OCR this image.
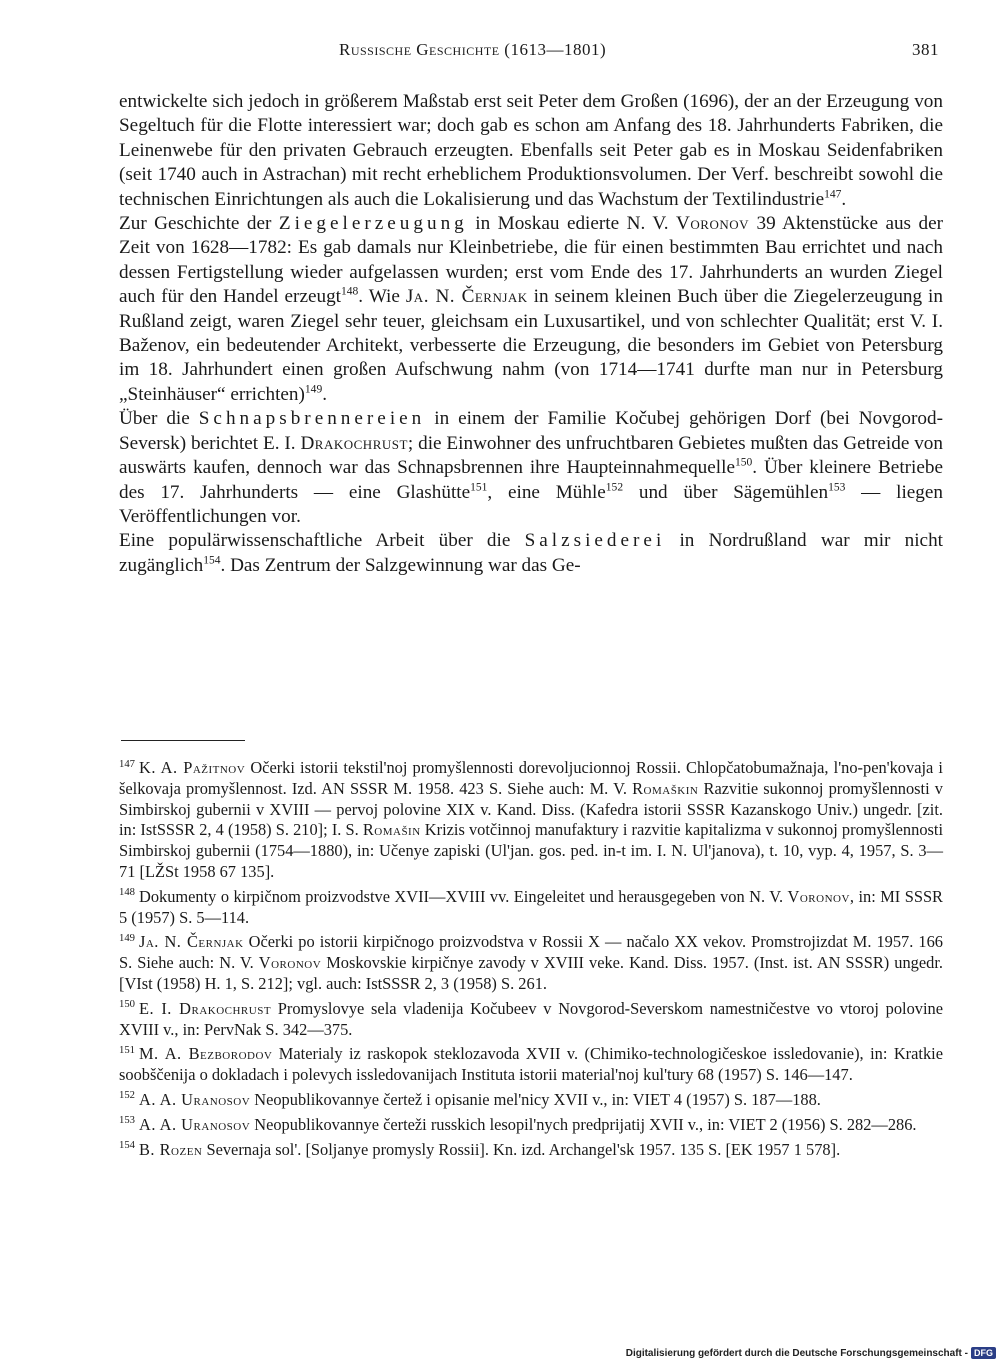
Russische Geschichte (1613—1801)	381

entwickelte sich jedoch in größerem Maßstab erst seit Peter dem Großen (1696), der an der Erzeugung von Segeltuch für die Flotte interessiert war; doch gab es schon am Anfang des 18. Jahrhunderts Fabriken, die Leinenwebe für den privaten Gebrauch erzeugten. Ebenfalls seit Peter gab es in Moskau Seidenfabriken (seit 1740 auch in Astrachan) mit recht erheblichem Produktionsvolumen. Der Verf. beschreibt sowohl die technischen Einrichtungen als auch die Lokalisierung und das Wachstum der Textilindustrie$^{147}$.

Zur Geschichte der Ziegelerzeugung in Moskau edierte N. V. Voronov 39 Aktenstücke aus der Zeit von 1628—1782: Es gab damals nur Kleinbetriebe, die für einen bestimmten Bau errichtet und nach dessen Fertigstellung wieder aufgelassen wurden; erst vom Ende des 17. Jahrhunderts an wurden Ziegel auch für den Handel erzeugt$^{148}$. Wie Ja. N. Černjak in seinem kleinen Buch über die Ziegelerzeugung in Rußland zeigt, waren Ziegel sehr teuer, gleichsam ein Luxusartikel, und von schlechter Qualität; erst V. I. Baženov, ein bedeutender Architekt, verbesserte die Erzeugung, die besonders im Gebiet von Petersburg im 18. Jahrhundert einen großen Aufschwung nahm (von 1714—1741 durfte man nur in Petersburg „Steinhäuser“ errichten)$^{149}$.

Über die Schnapsbrennereien in einem der Familie Kočubej gehörigen Dorf (bei Novgorod-Seversk) berichtet E. I. Drakochrust; die Einwohner des unfruchtbaren Gebietes mußten das Getreide von auswärts kaufen, dennoch war das Schnapsbrennen ihre Haupteinnahmequelle$^{150}$. Über kleinere Betriebe des 17. Jahrhunderts — eine Glashütte$^{151}$, eine Mühle$^{152}$ und über Sägemühlen$^{153}$ — liegen Veröffentlichungen vor.

Eine populärwissenschaftliche Arbeit über die Salzsiederei in Nordrußland war mir nicht zugänglich$^{154}$. Das Zentrum der Salzgewinnung war das Ge-

$^{147}$ K. A. Pažitnov Očerki istorii tekstil'noj promyšlennosti dorevoljucionnoj Rossii. Chlopčatobumažnaja, l'no-pen'kovaja i šelkovaja promyšlennost. Izd. AN SSSR M. 1958. 423 S. Siehe auch: M. V. Romaškin Razvitie sukonnoj promyšlennosti v Simbirskoj gubernii v XVIII — pervoj polovine XIX v. Kand. Diss. (Kafedra istorii SSSR Kazanskogo Univ.) ungedr. [zit. in: IstSSSR 2, 4 (1958) S. 210]; I. S. Romašin Krizis votčinnoj manufaktury i razvitie kapitalizma v sukonnoj promyšlennosti Simbirskoj gubernii (1754—1880), in: Učenye zapiski (Ul'jan. gos. ped. in-t im. I. N. Ul'janova), t. 10, vyp. 4, 1957, S. 3—71 [LŽSt 1958 67 135].

$^{148}$ Dokumenty o kirpičnom proizvodstve XVII—XVIII vv. Eingeleitet und herausgegeben von N. V. Voronov, in: MI SSSR 5 (1957) S. 5—114.

$^{149}$ Ja. N. Černjak Očerki po istorii kirpičnogo proizvodstva v Rossii X — načalo XX vekov. Promstrojizdat M. 1957. 166 S. Siehe auch: N. V. Voronov Moskovskie kirpičnye zavody v XVIII veke. Kand. Diss. 1957. (Inst. ist. AN SSSR) ungedr. [VIst (1958) H. 1, S. 212]; vgl. auch: IstSSSR 2, 3 (1958) S. 261.

$^{150}$ E. I. Drakochrust Promyslovye sela vladenija Kočubeev v Novgorod-Severskom namestničestve vo vtoroj polovine XVIII v., in: PervNak S. 342—375.

$^{151}$ M. A. Bezborodov Materialy iz raskopok steklozavoda XVII v. (Chimiko-technologičeskoe issledovanie), in: Kratkie soobščenija o dokladach i polevych issledovanijach Instituta istorii material'noj kul'tury 68 (1957) S. 146—147.

$^{152}$ A. A. Uranosov Neopublikovannye čertež i opisanie mel'nicy XVII v., in: VIET 4 (1957) S. 187—188.

$^{153}$ A. A. Uranosov Neopublikovannye čerteži russkich lesopil'nych predprijatij XVII v., in: VIET 2 (1956) S. 282—286.

$^{154}$ B. Rozen Severnaja sol'. [Soljanye promysly Rossii]. Kn. izd. Archangel'sk 1957. 135 S. [EK 1957 1 578].

Digitalisierung gefördert durch die Deutsche Forschungsgemeinschaft - DFG
